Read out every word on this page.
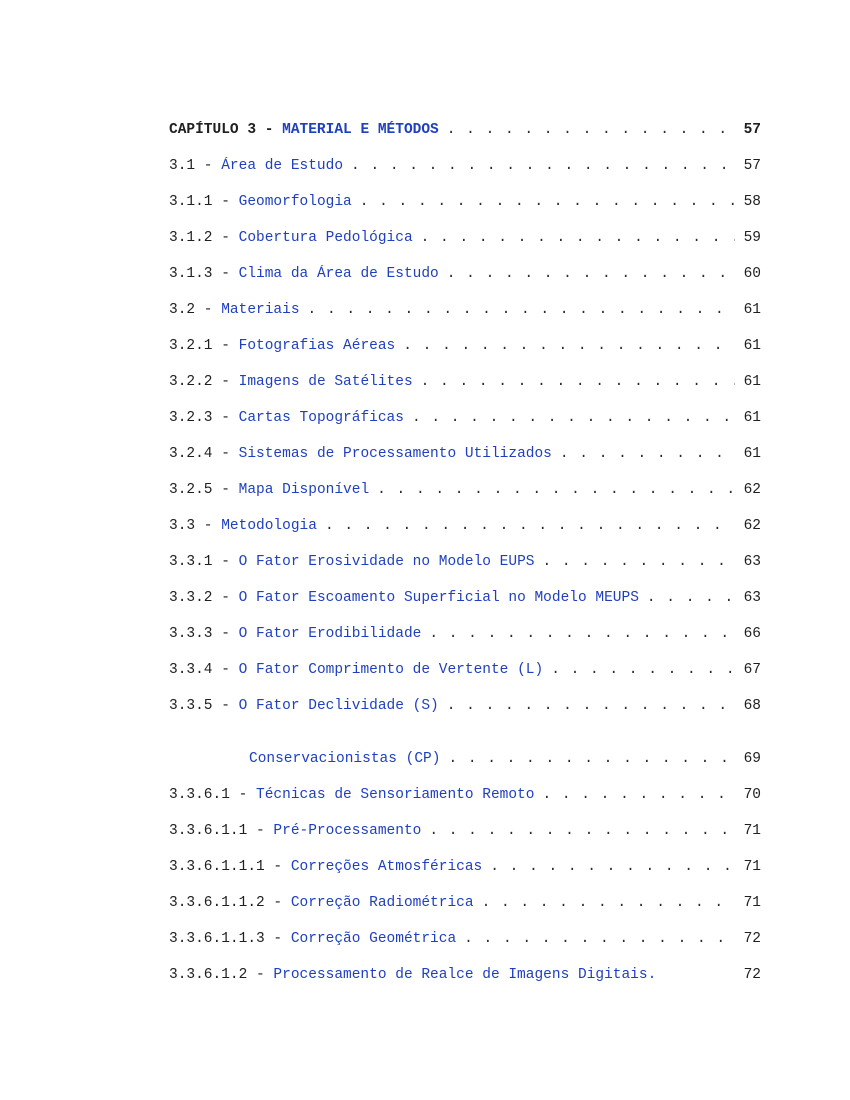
CAPÍTULO 3 - MATERIAL E MÉTODOS . . .	57
3.1 - Área de Estudo . . .	57
3.1.1 - Geomorfologia . . .	58
3.1.2 - Cobertura Pedológica . . .	59
3.1.3 - Clima da Área de Estudo . . .	60
3.2 - Materiais . . .	61
3.2.1 - Fotografias Aéreas . . .	61
3.2.2 - Imagens de Satélites . . .	61
3.2.3 - Cartas Topográficas . . .	61
3.2.4 - Sistemas de Processamento Utilizados . . .	61
3.2.5 - Mapa Disponível . . .	62
3.3 - Metodologia . . .	62
3.3.1 - O Fator Erosividade no Modelo EUPS . . .	63
3.3.2 - O Fator Escoamento Superficial no Modelo MEUPS . . .	63
3.3.3 - O Fator Erodibilidade . . .	66
3.3.4 - O Fator Comprimento de Vertente (L) . . .	67
3.3.5 - O Fator Declividade (S) . . .	68

Conservacionistas (CP) . . .	69
3.3.6.1 - Técnicas de Sensoriamento Remoto . . .	70
3.3.6.1.1 - Pré-Processamento . . .	71
3.3.6.1.1.1 - Correções Atmosféricas . . .	71
3.3.6.1.1.2 - Correção Radiométrica . . .	71
3.3.6.1.1.3 - Correção Geométrica . . .	72
3.3.6.1.2 - Processamento de Realce de Imagens Digitais.	72
